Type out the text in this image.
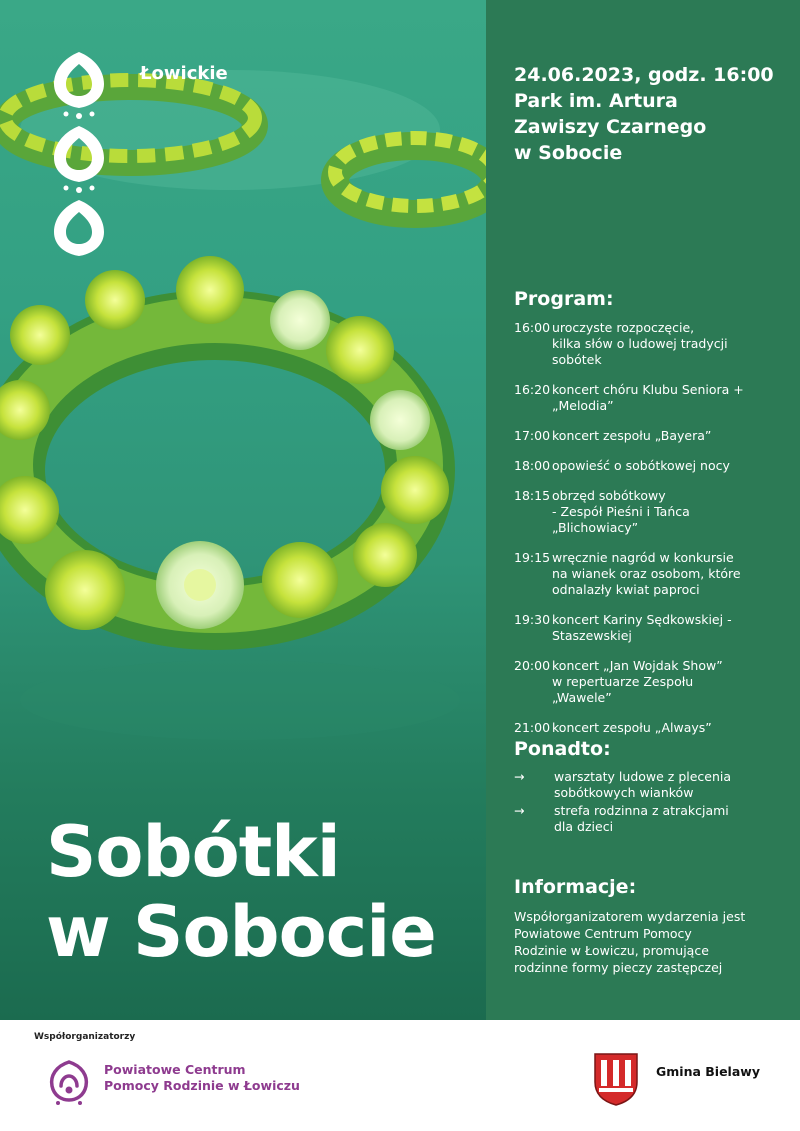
Łowickie
Sobótki
w Sobocie
24.06.2023, godz. 16:00
Park im. Artura
Zawiszy Czarnego
w Sobocie
Program:
16:00 uroczyste rozpoczęcie,
kilka słów o ludowej tradycji
sobótek
16:20 koncert chóru Klubu Seniora +
„Melodia”
17:00 koncert zespołu „Bayera”
18:00 opowieść o sobótkowej nocy
18:15 obrzęd sobótkowy
- Zespół Pieśni i Tańca
„Blichowiacy”
19:15 wręcznie nagród w konkursie
na wianek oraz osobom, które
odnalazły kwiat paproci
19:30 koncert Kariny Sędkowskiej -
Staszewskiej
20:00 koncert „Jan Wojdak Show”
w repertuarze Zespołu
„Wawele”
21:00 koncert zespołu „Always”
Ponadto:
→	warsztaty ludowe z plecenia
sobótkowych wianków
→	strefa rodzinna z atrakcjami
dla dzieci
Informacje:
Współorganizatorem wydarzenia jest
Powiatowe Centrum Pomocy
Rodzinie w Łowiczu, promujące
rodzinne formy pieczy zastępczej
Współorganizatorzy
Powiatowe Centrum
Pomocy Rodzinie w Łowiczu
Gmina Bielawy
